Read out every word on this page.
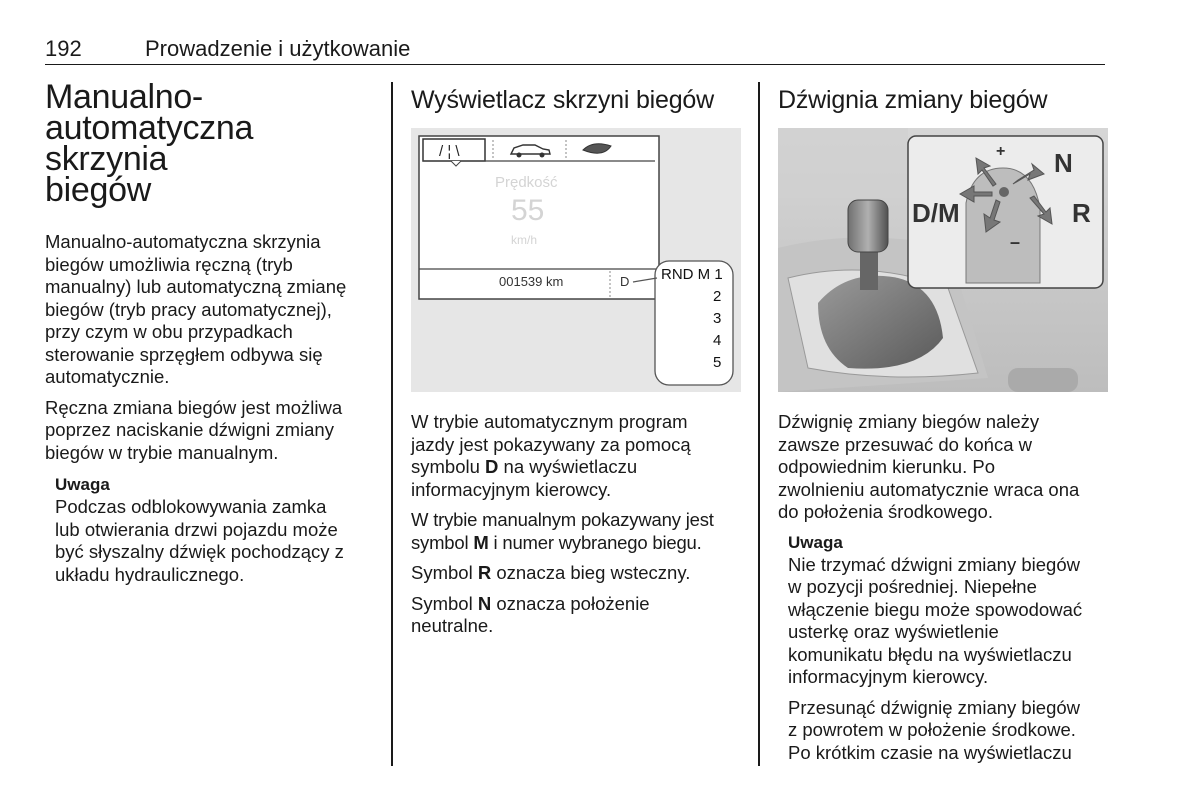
192	Prowadzenie i użytkowanie
Manualno-
automatyczna skrzynia
biegów

Manualno-automatyczna skrzynia
biegów umożliwia ręczną (tryb
manualny) lub automatyczną zmianę
biegów (tryb pracy automatycznej),
przy czym w obu przypadkach
sterowanie sprzęgłem odbywa się
automatycznie.

Ręczna zmiana biegów jest możliwa
poprzez naciskanie dźwigni zmiany
biegów w trybie manualnym.

Uwaga

Podczas odblokowywania zamka
lub otwierania drzwi pojazdu może
być słyszalny dźwięk pochodzący z
układu hydraulicznego.

Wyświetlacz skrzyni biegów
/ ¦ \
Prędkość
55
km/h
001539 km	D RND M 1
2
3
4
5

W trybie automatycznym program
jazdy jest pokazywany za pomocą
symbolu D na wyświetlaczu
informacyjnym kierowcy.

W trybie manualnym pokazywany jest
symbol M i numer wybranego biegu.

Symbol R oznacza bieg wsteczny.

Symbol N oznacza położenie
neutralne.

Dźwignia zmiany biegów
+
–
D/M
N
R

Dźwignię zmiany biegów należy
zawsze przesuwać do końca w
odpowiednim kierunku. Po
zwolnieniu automatycznie wraca ona
do położenia środkowego.

Uwaga

Nie trzymać dźwigni zmiany biegów
w pozycji pośredniej. Niepełne
włączenie biegu może spowodować
usterkę oraz wyświetlenie
komunikatu błędu na wyświetlaczu
informacyjnym kierowcy.

Przesunąć dźwignię zmiany biegów
z powrotem w położenie środkowe.
Po krótkim czasie na wyświetlaczu
